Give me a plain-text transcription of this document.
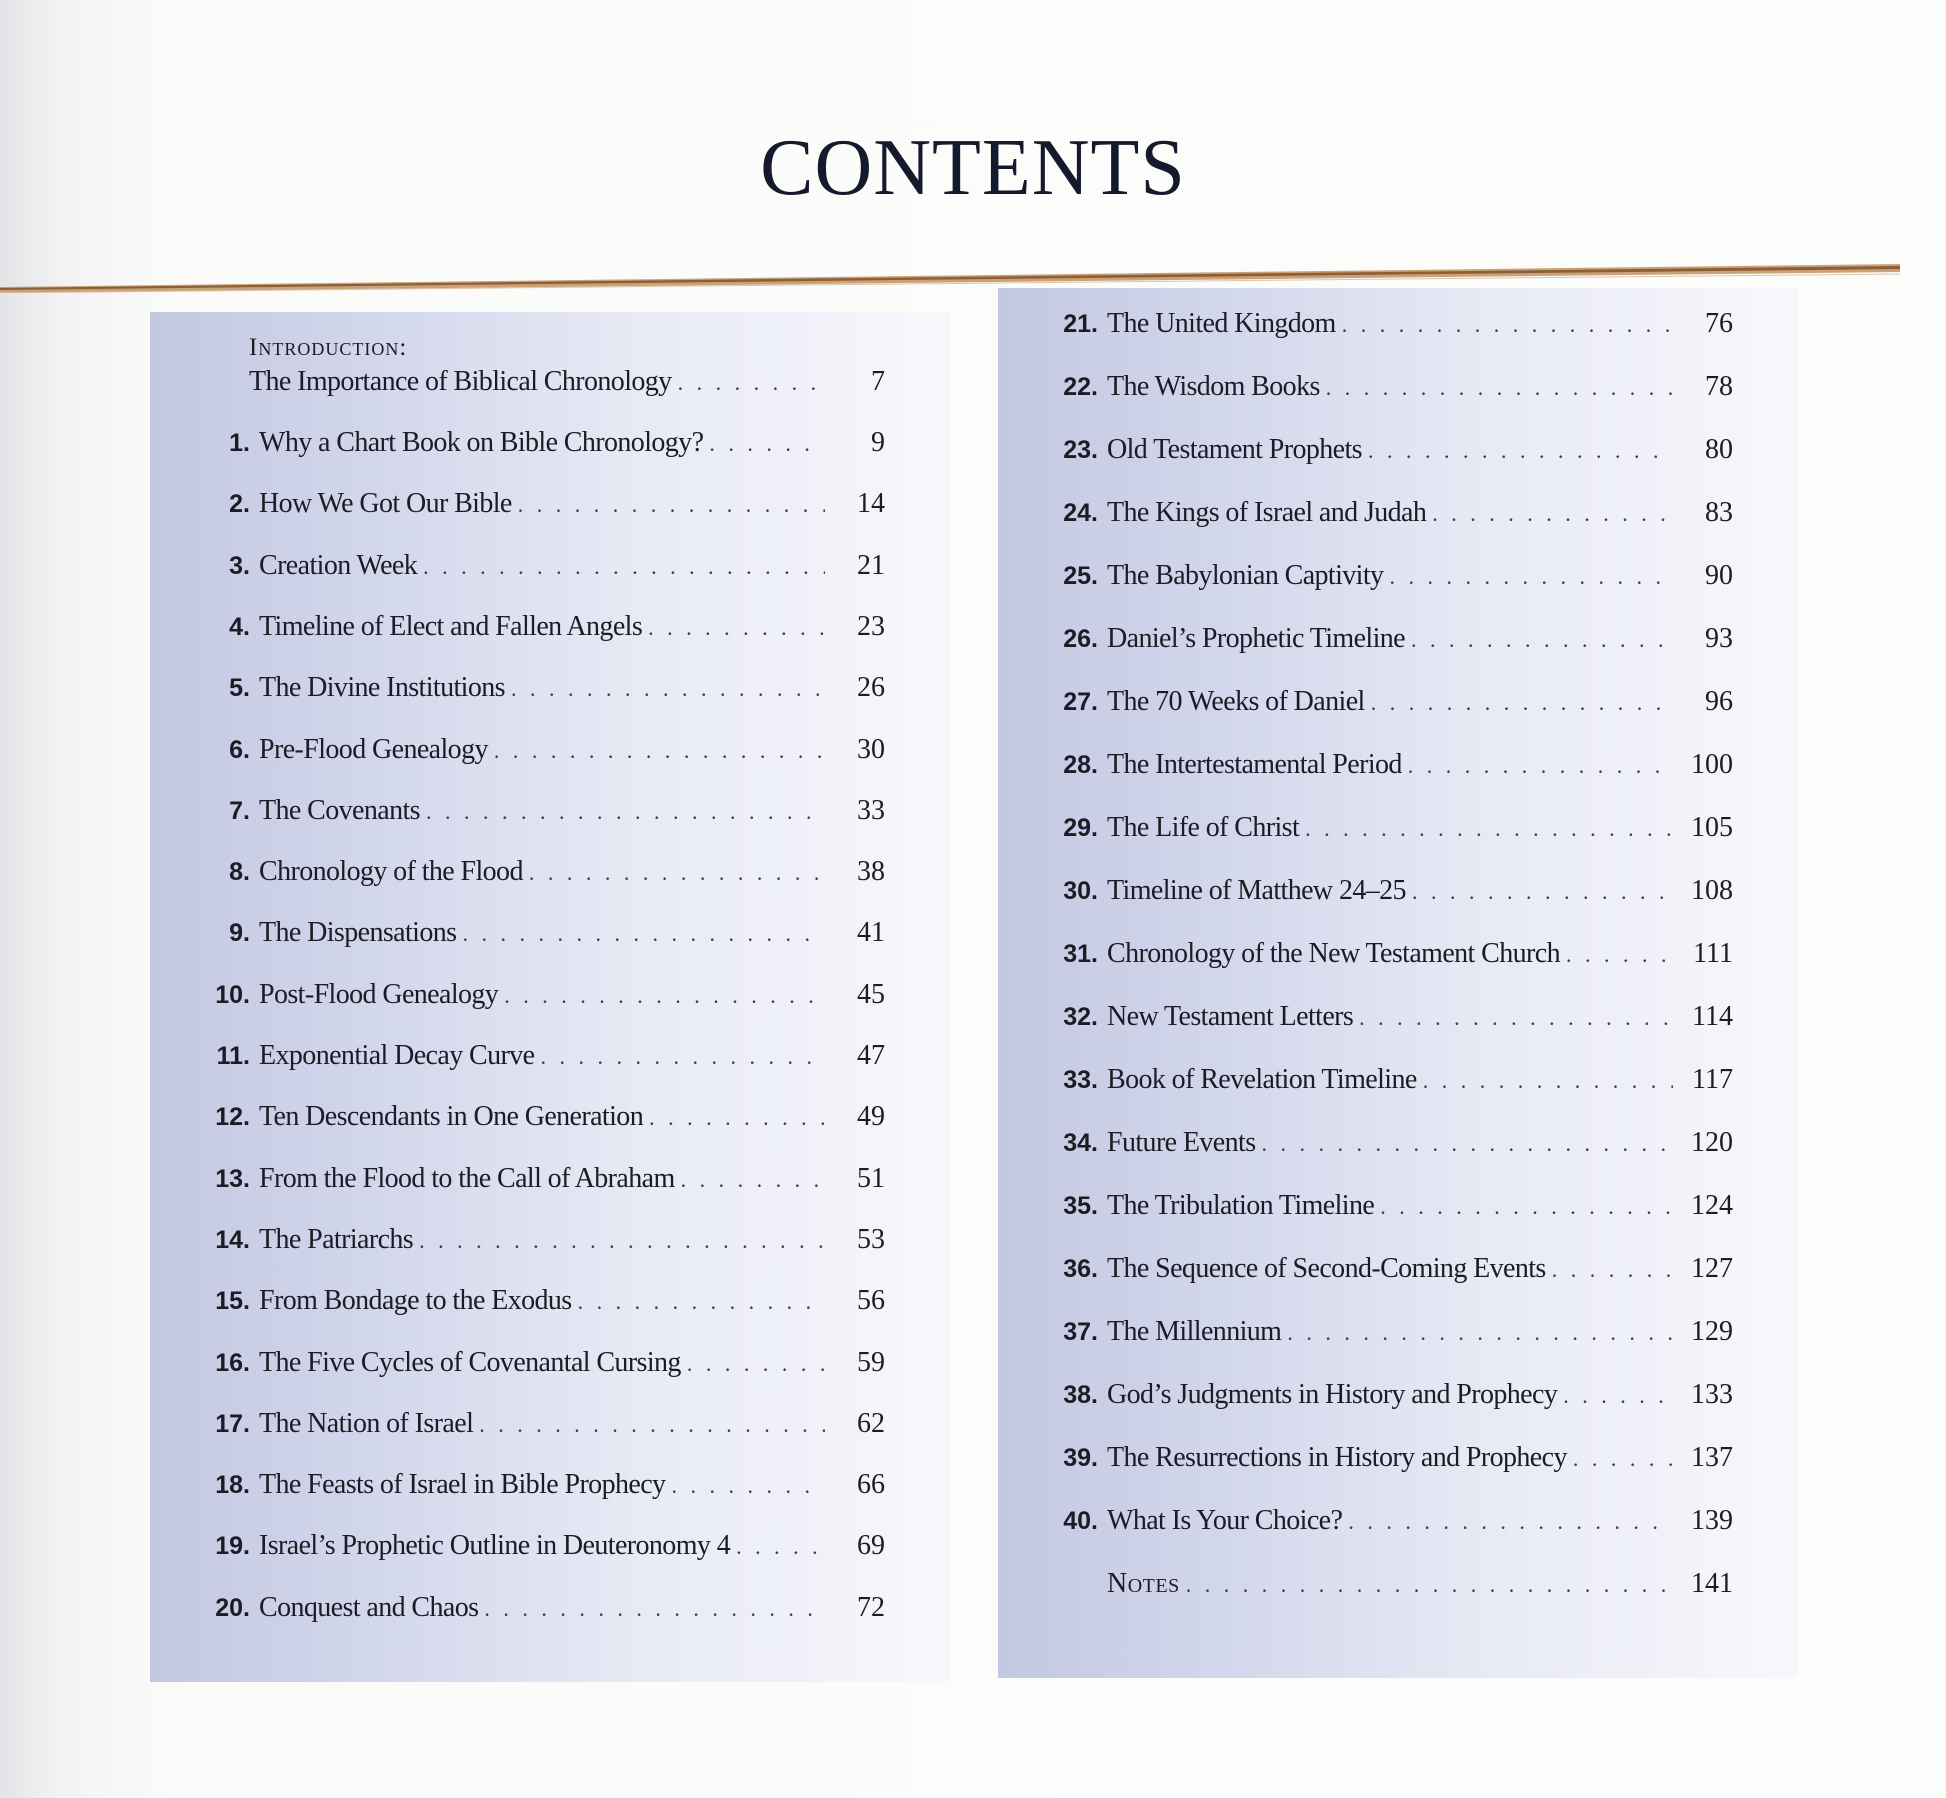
CONTENTS
Introduction:
The Importance of Biblical Chronology . . .	7
1. Why a Chart Book on Bible Chronology? . . .	9
2. How We Got Our Bible . . .	14
3. Creation Week . . .	21
4. Timeline of Elect and Fallen Angels . . .	23
5. The Divine Institutions . . .	26
6. Pre-Flood Genealogy . . .	30
7. The Covenants . . .	33
8. Chronology of the Flood . . .	38
9. The Dispensations . . .	41
10. Post-Flood Genealogy . . .	45
11. Exponential Decay Curve . . .	47
12. Ten Descendants in One Generation . . .	49
13. From the Flood to the Call of Abraham . . .	51
14. The Patriarchs . . .	53
15. From Bondage to the Exodus . . .	56
16. The Five Cycles of Covenantal Cursing . . .	59
17. The Nation of Israel . . .	62
18. The Feasts of Israel in Bible Prophecy . . .	66
19. Israel’s Prophetic Outline in Deuteronomy 4 . . .	69
20. Conquest and Chaos . . .	72
21. The United Kingdom . . .	76
22. The Wisdom Books . . .	78
23. Old Testament Prophets . . .	80
24. The Kings of Israel and Judah . . .	83
25. The Babylonian Captivity . . .	90
26. Daniel’s Prophetic Timeline . . .	93
27. The 70 Weeks of Daniel . . .	96
28. The Intertestamental Period . . .	100
29. The Life of Christ . . .	105
30. Timeline of Matthew 24–25 . . .	108
31. Chronology of the New Testament Church . . .	111
32. New Testament Letters . . .	114
33. Book of Revelation Timeline . . .	117
34. Future Events . . .	120
35. The Tribulation Timeline . . .	124
36. The Sequence of Second-Coming Events . . .	127
37. The Millennium . . .	129
38. God’s Judgments in History and Prophecy . . .	133
39. The Resurrections in History and Prophecy . . .	137
40. What Is Your Choice? . . .	139
Notes . . .	141
